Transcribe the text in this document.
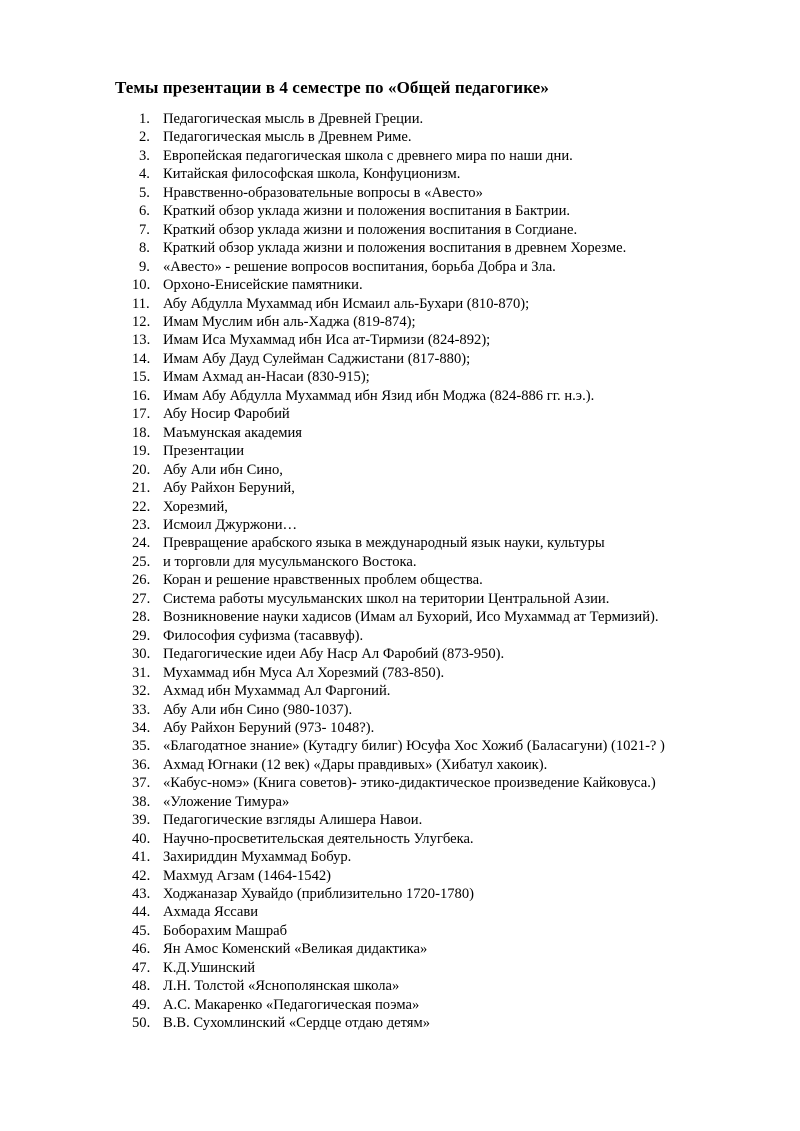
Темы презентации в 4 семестре по «Общей педагогике»
1. Педагогическая мысль в Древней Греции.
2. Педагогическая мысль в Древнем Риме.
3. Европейская педагогическая школа с древнего мира по наши дни.
4. Китайская философская школа, Конфуционизм.
5. Нравственно-образовательные вопросы в «Авесто»
6. Краткий обзор уклада жизни и положения воспитания в Бактрии.
7. Краткий обзор уклада жизни и положения воспитания в Согдиане.
8. Краткий обзор уклада жизни и положения воспитания в древнем Хорезме.
9. «Авесто» - решение вопросов воспитания, борьба Добра и Зла.
10. Орхоно-Енисейские памятники.
11. Абу Абдулла Мухаммад ибн Исмаил аль-Бухари (810-870);
12. Имам Муслим ибн аль-Хаджа (819-874);
13. Имам Иса Мухаммад ибн Иса ат-Тирмизи (824-892);
14. Имам Абу Дауд Сулейман Саджистани (817-880);
15. Имам Ахмад ан-Насаи (830-915);
16. Имам Абу Абдулла Мухаммад ибн Язид ибн Моджа (824-886 гг. н.э.).
17. Абу Носир Фаробий
18. Маъмунская академия
19. Презентации
20. Абу Али ибн Сино,
21. Абу Райхон Беруний,
22. Хорезмий,
23. Исмоил Джуржони…
24. Превращение арабского языка в международный язык науки, культуры
25. и торговли для мусульманского Востока.
26. Коран и решение нравственных проблем общества.
27. Система работы мусульманских школ на територии Центральной Азии.
28. Возникновение науки хадисов (Имам ал Бухорий, Исо Мухаммад ат Термизий).
29. Философия суфизма (тасаввуф).
30. Педагогические идеи Абу Наср Ал Фаробий (873-950).
31. Мухаммад ибн Муса Ал Хорезмий (783-850).
32. Ахмад ибн Мухаммад Ал Фаргоний.
33. Абу Али ибн Сино (980-1037).
34. Абу Райхон Беруний (973- 1048?).
35. «Благодатное знание» (Кутадгу билиг) Юсуфа Хос Хожиб (Баласагуни) (1021-? )
36. Ахмад Югнаки (12 век) «Дары правдивых» (Хибатул хакоик).
37. «Кабус-номэ» (Книга советов)- этико-дидактическое произведение Кайковуса.)
38. «Уложение Тимура»
39. Педагогические взгляды Алишера Навои.
40. Научно-просветительская деятельность Улугбека.
41. Захириддин Мухаммад Бобур.
42. Махмуд Агзам (1464-1542)
43. Ходжаназар Хувайдо (приблизительно 1720-1780)
44. Ахмада Яссави
45. Боборахим Машраб
46. Ян Амос Коменский «Великая дидактика»
47. К.Д.Ушинский
48. Л.Н. Толстой «Яснополянская школа»
49. А.С. Макаренко «Педагогическая поэма»
50. В.В. Сухомлинский «Сердце отдаю детям»
